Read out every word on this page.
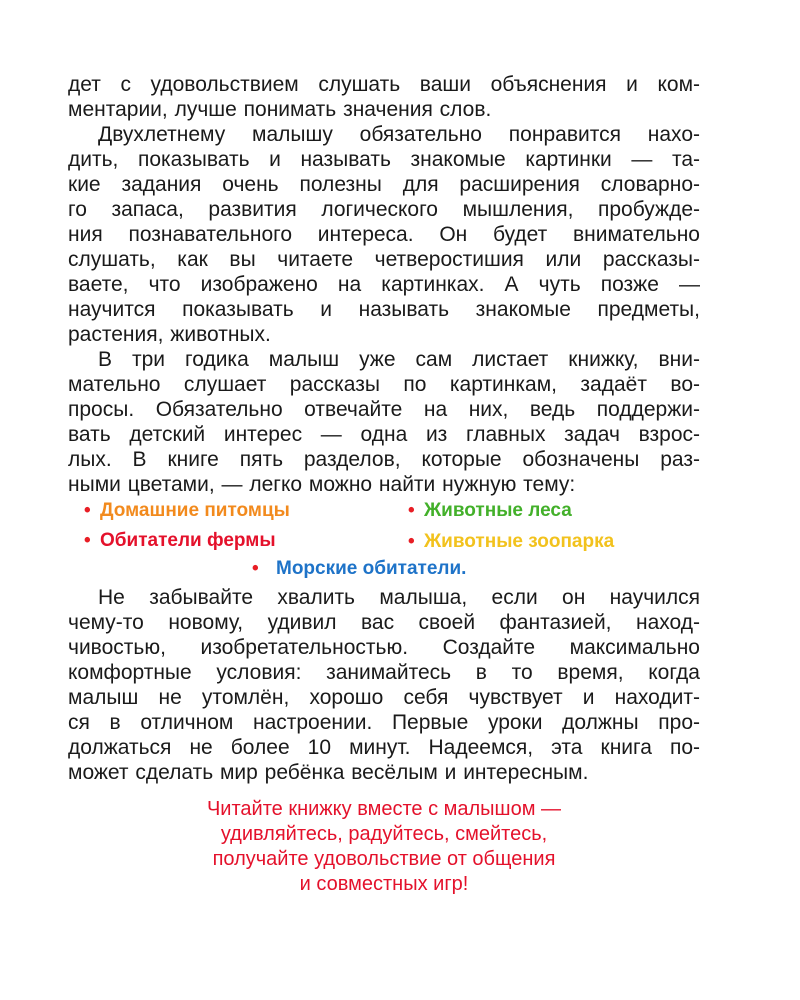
дет с удовольствием слушать ваши объяснения и ком-
ментарии, лучше понимать значения слов.
Двухлетнему малышу обязательно понравится нахо-
дить, показывать и называть знакомые картинки — та-
кие задания очень полезны для расширения словарно-
го запаса, развития логического мышления, пробужде-
ния познавательного интереса. Он будет внимательно
слушать, как вы читаете четверостишия или рассказы-
ваете, что изображено на картинках. А чуть позже —
научится показывать и называть знакомые предметы,
растения, животных.
В три годика малыш уже сам листает книжку, вни-
мательно слушает рассказы по картинкам, задаёт во-
просы. Обязательно отвечайте на них, ведь поддержи-
вать детский интерес — одна из главных задач взрос-
лых. В книге пять разделов, которые обозначены раз-
ными цветами, — легко можно найти нужную тему:
• Домашние питомцы	• Животные леса
• Обитатели фермы	• Животные зоопарка
• Морские обитатели.
Не забывайте хвалить малыша, если он научился
чему-то новому, удивил вас своей фантазией, наход-
чивостью, изобретательностью. Создайте максимально
комфортные условия: занимайтесь в то время, когда
малыш не утомлён, хорошо себя чувствует и находит-
ся в отличном настроении. Первые уроки должны про-
должаться не более 10 минут. Надеемся, эта книга по-
может сделать мир ребёнка весёлым и интересным.
Читайте книжку вместе с малышом —
удивляйтесь, радуйтесь, смейтесь,
получайте удовольствие от общения
и совместных игр!
